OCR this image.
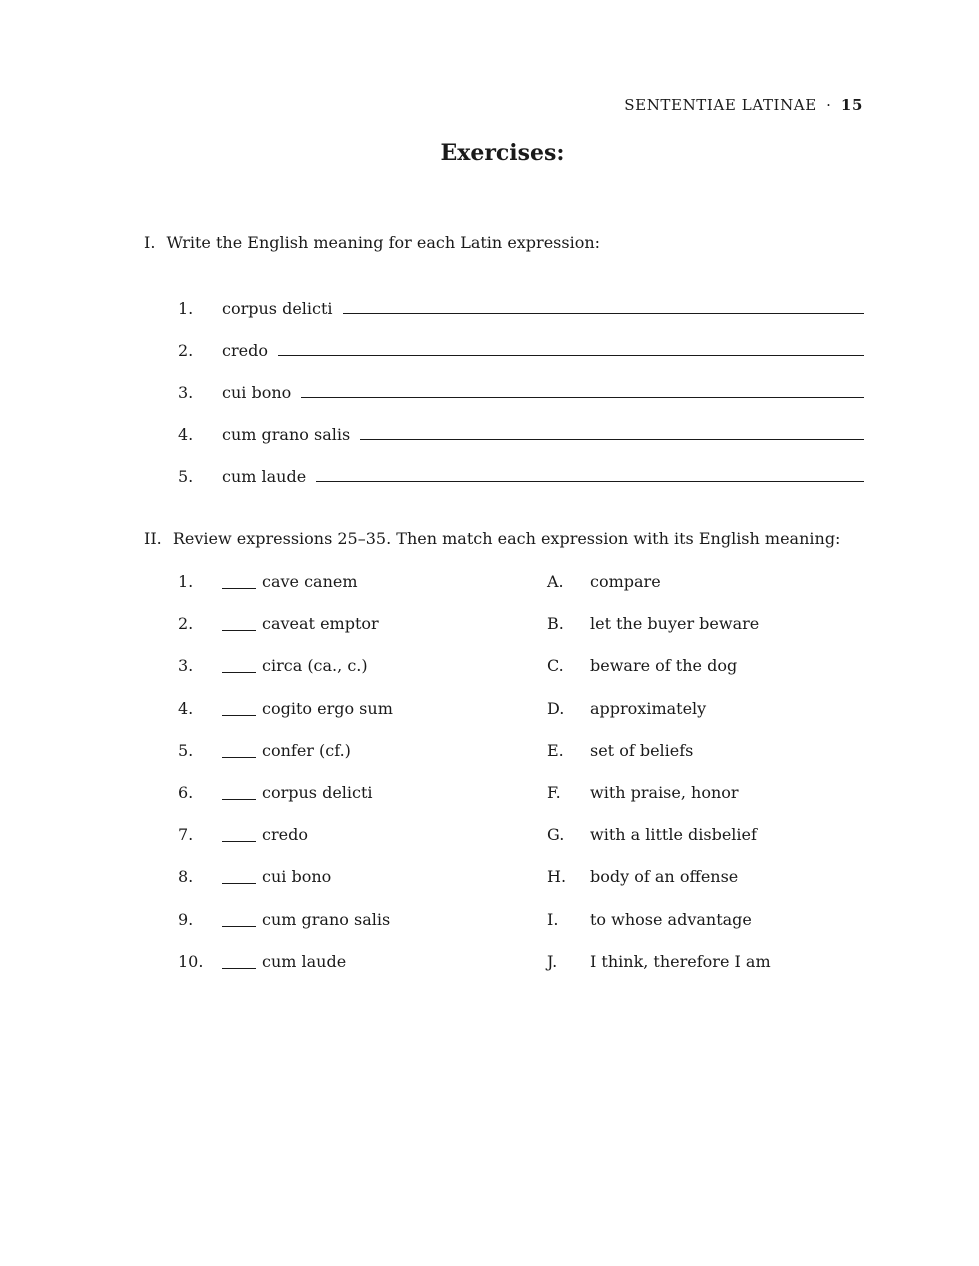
SENTENTIAE LATINAE · 15
Exercises:
I. Write the English meaning for each Latin expression:
1.	corpus delicti
2.	credo
3.	cui bono
4.	cum grano salis
5.	cum laude
II. Review expressions 25–35. Then match each expression with its English meaning:
1.	cave canem	A.	compare
2.	caveat emptor	B.	let the buyer beware
3.	circa (ca., c.)	C.	beware of the dog
4.	cogito ergo sum	D.	approximately
5.	confer (cf.)	E.	set of beliefs
6.	corpus delicti	F.	with praise, honor
7.	credo	G.	with a little disbelief
8.	cui bono	H.	body of an offense
9.	cum grano salis	I.	to whose advantage
10.	cum laude	J.	I think, therefore I am
